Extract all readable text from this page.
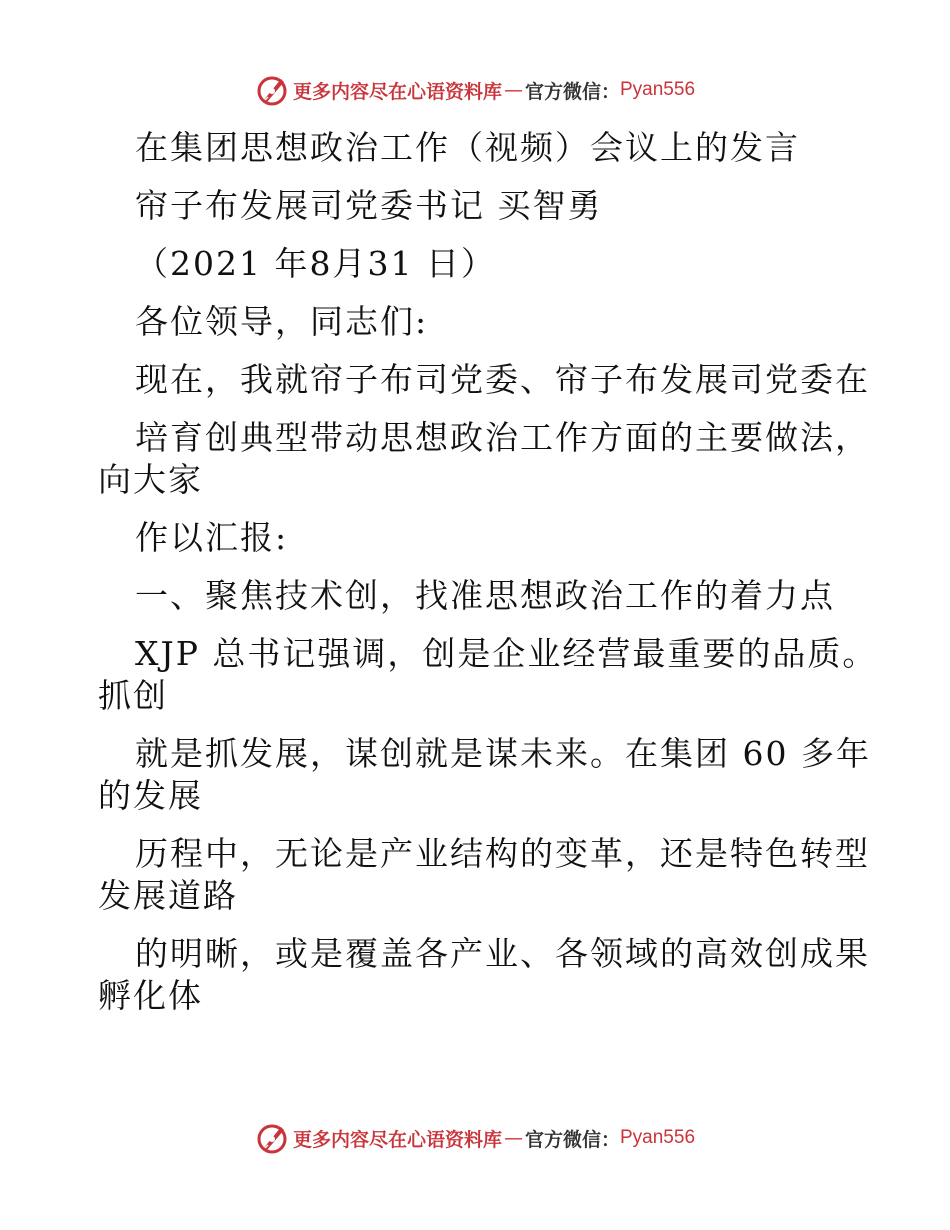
更多内容尽在心语资料库 — 官方微信： Pyan556
在集团思想政治工作（视频）会议上的发言
帘子布发展司党委书记 买智勇
（2021 年8月31 日）
各位领导，同志们:
现在，我就帘子布司党委、帘子布发展司党委在
培育创典型带动思想政治工作方面的主要做法，
向大家
作以汇报:
一、聚焦技术创，找准思想政治工作的着力点
XJP 总书记强调，创是企业经营最重要的品质。
抓创
就是抓发展，谋创就是谋未来。在集团 60 多年
的发展
历程中，无论是产业结构的变革，还是特色转型
发展道路
的明晰，或是覆盖各产业、各领域的高效创成果
孵化体
更多内容尽在心语资料库 — 官方微信： Pyan556
